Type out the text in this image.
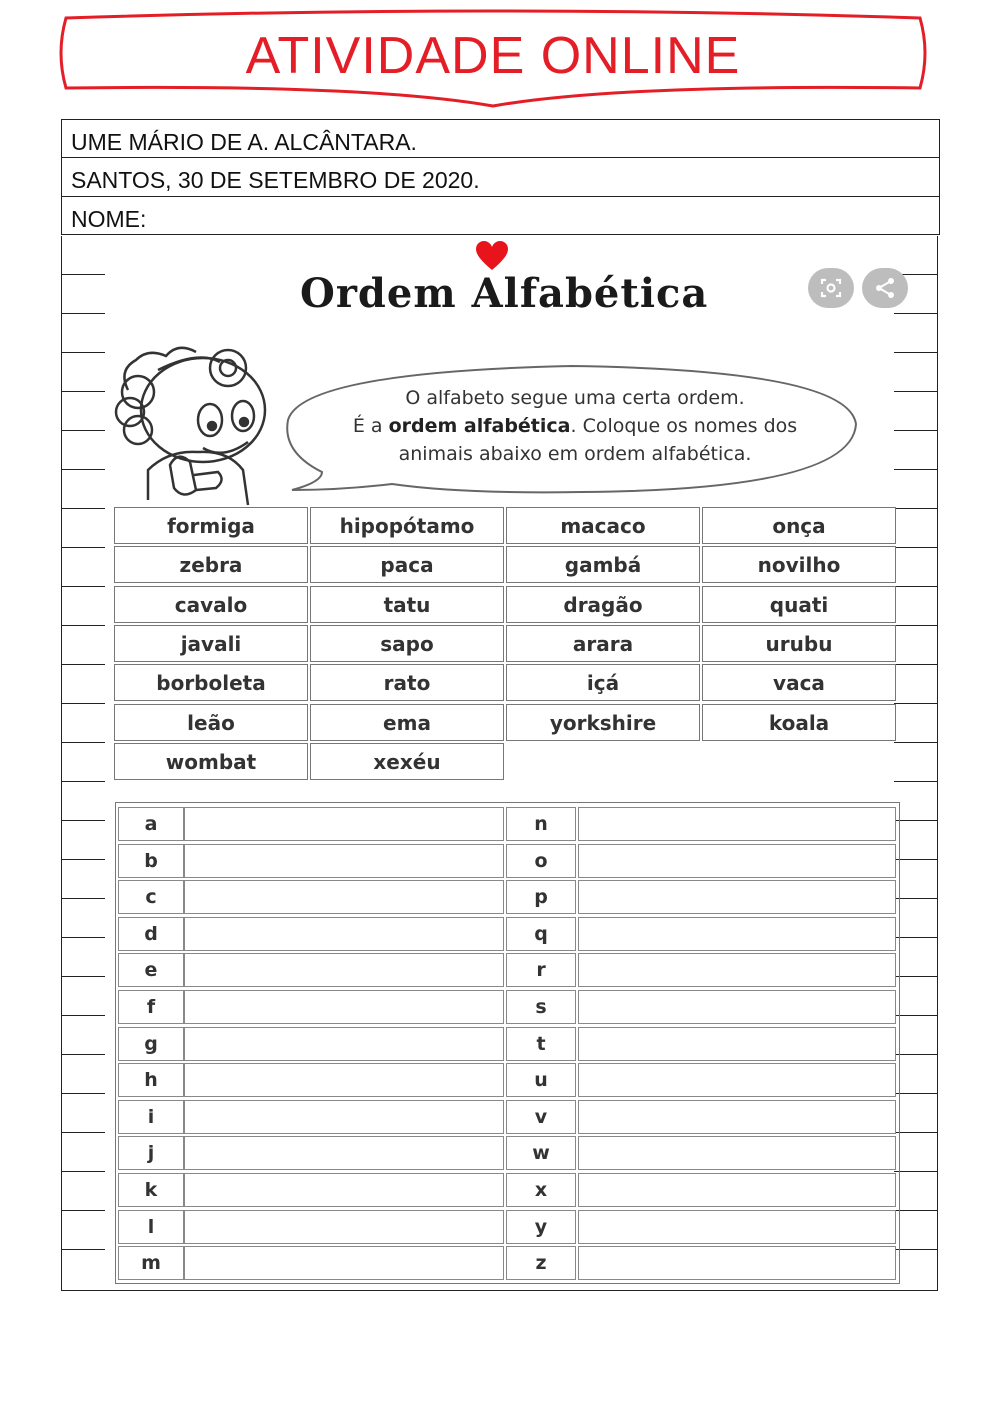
ATIVIDADE ONLINE
UME MÁRIO DE A. ALCÂNTARA.
SANTOS, 30 DE SETEMBRO DE 2020.
NOME:
Ordem Alfabética
O alfabeto segue uma certa ordem.
É a ordem alfabética. Coloque os nomes dos
animais abaixo em ordem alfabética.
formiga	hipopótamo	macaco	onça
zebra	paca	gambá	novilho
cavalo	tatu	dragão	quati
javali	sapo	arara	urubu
borboleta	rato	içá	vaca
leão	ema	yorkshire	koala
wombat	xexéu
a	n
b	o
c	p
d	q
e	r
f	s
g	t
h	u
i	v
j	w
k	x
l	y
m	z
